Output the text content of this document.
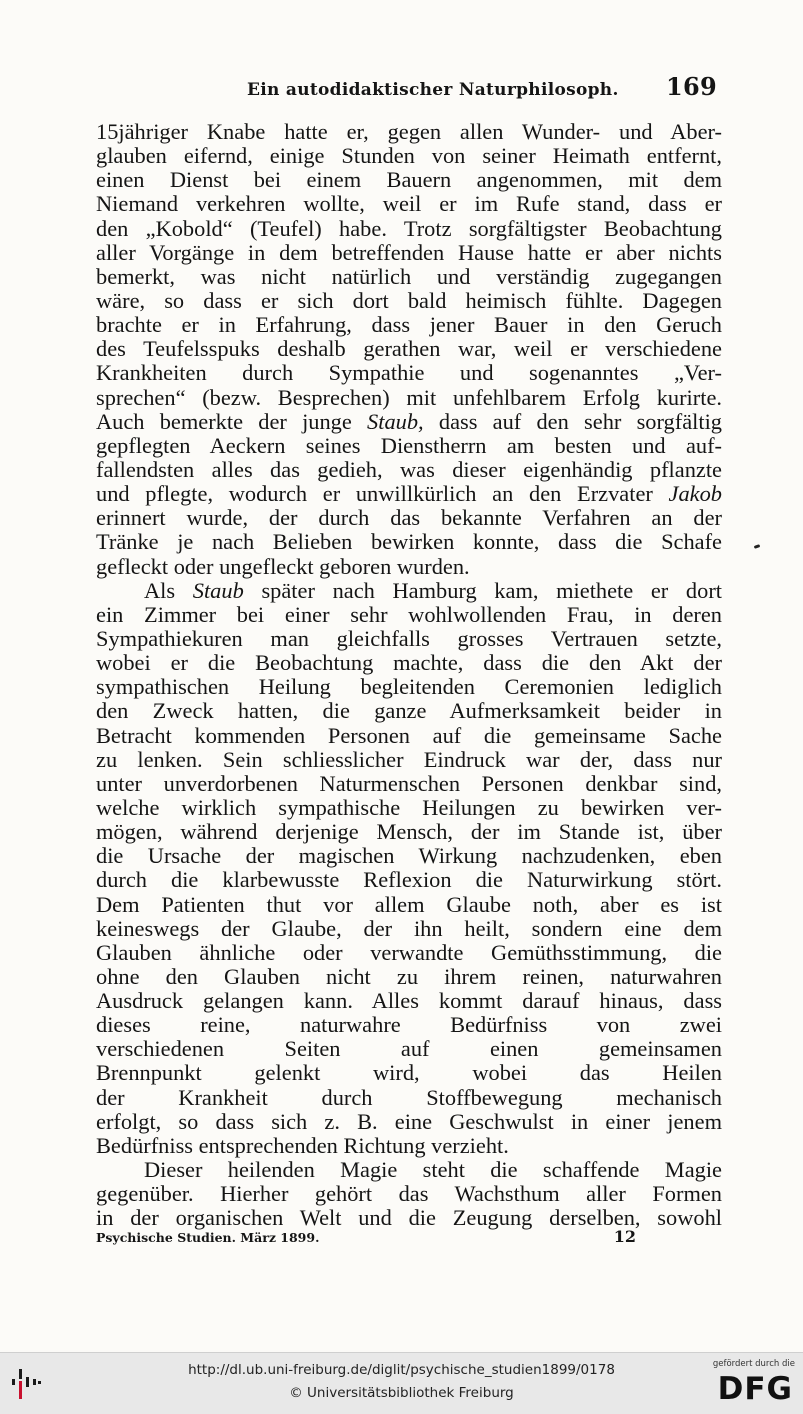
Ein autodidaktischer Naturphilosoph. 169
15jähriger Knabe hatte er, gegen allen Wunder- und Aber-
glauben eifernd, einige Stunden von seiner Heimath entfernt,
einen Dienst bei einem Bauern angenommen, mit dem
Niemand verkehren wollte, weil er im Rufe stand, dass er
den „Kobold“ (Teufel) habe. Trotz sorgfältigster Beobachtung
aller Vorgänge in dem betreffenden Hause hatte er aber nichts
bemerkt, was nicht natürlich und verständig zugegangen
wäre, so dass er sich dort bald heimisch fühlte. Dagegen
brachte er in Erfahrung, dass jener Bauer in den Geruch
des Teufelsspuks deshalb gerathen war, weil er verschiedene
Krankheiten durch Sympathie und sogenanntes „Ver-
sprechen“ (bezw. Besprechen) mit unfehlbarem Erfolg kurirte.
Auch bemerkte der junge Staub, dass auf den sehr sorgfältig
gepflegten Aeckern seines Dienstherrn am besten und auf-
fallendsten alles das gedieh, was dieser eigenhändig pflanzte
und pflegte, wodurch er unwillkürlich an den Erzvater Jakob
erinnert wurde, der durch das bekannte Verfahren an der
Tränke je nach Belieben bewirken konnte, dass die Schafe
gefleckt oder ungefleckt geboren wurden.
Als Staub später nach Hamburg kam, miethete er dort
ein Zimmer bei einer sehr wohlwollenden Frau, in deren
Sympathiekuren man gleichfalls grosses Vertrauen setzte,
wobei er die Beobachtung machte, dass die den Akt der
sympathischen Heilung begleitenden Ceremonien lediglich
den Zweck hatten, die ganze Aufmerksamkeit beider in
Betracht kommenden Personen auf die gemeinsame Sache
zu lenken. Sein schliesslicher Eindruck war der, dass nur
unter unverdorbenen Naturmenschen Personen denkbar sind,
welche wirklich sympathische Heilungen zu bewirken ver-
mögen, während derjenige Mensch, der im Stande ist, über
die Ursache der magischen Wirkung nachzudenken, eben
durch die klarbewusste Reflexion die Naturwirkung stört.
Dem Patienten thut vor allem Glaube noth, aber es ist
keineswegs der Glaube, der ihn heilt, sondern eine dem
Glauben ähnliche oder verwandte Gemüthsstimmung, die
ohne den Glauben nicht zu ihrem reinen, naturwahren
Ausdruck gelangen kann. Alles kommt darauf hinaus, dass
dieses reine, naturwahre Bedürfniss von zwei
verschiedenen Seiten auf einen gemeinsamen
Brennpunkt gelenkt wird, wobei das Heilen
der Krankheit durch Stoffbewegung mechanisch
erfolgt, so dass sich z. B. eine Geschwulst in einer jenem
Bedürfniss entsprechenden Richtung verzieht.
Dieser heilenden Magie steht die schaffende Magie
gegenüber. Hierher gehört das Wachsthum aller Formen
in der organischen Welt und die Zeugung derselben, sowohl
Psychische Studien. März 1899.	12
http://dl.ub.uni-freiburg.de/diglit/psychische_studien1899/0178
© Universitätsbibliothek Freiburg
gefördert durch die
DFG
